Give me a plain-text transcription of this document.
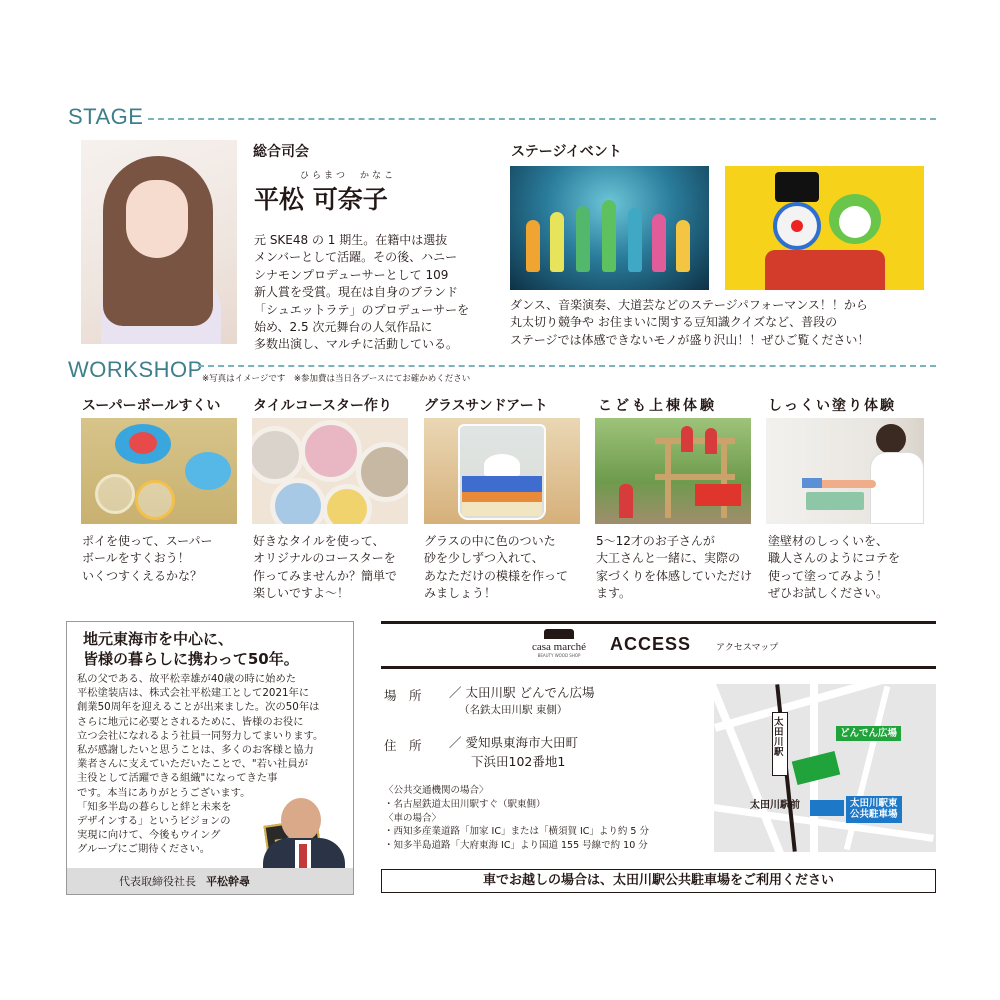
STAGE
総合司会
ひらまつ　かなこ
平松 可奈子
元 SKE48 の 1 期生。在籍中は選抜
メンバーとして活躍。その後、ハニー
シナモンプロデューサーとして 109
新人賞を受賞。現在は自身のブランド
「シュエットラテ」のプロデューサーを
始め、2.5 次元舞台の人気作品に
多数出演し、マルチに活動している。
ステージイベント
ダンス、音楽演奏、大道芸などのステージパフォーマンス！！から
丸太切り競争や お住まいに関する豆知識クイズなど、普段の
ステージでは体感できないモノが盛り沢山！！ぜひご覧ください！
WORKSHOP ※写真はイメージです　※参加費は当日各ブースにてお確かめください
スーパーボールすくい
ポイを使って、スーパー
ボールをすくおう！
いくつすくえるかな？
タイルコースター作り
好きなタイルを使って、
オリジナルのコースターを
作ってみませんか？簡単で
楽しいですよ～！
グラスサンドアート
グラスの中に色のついた
砂を少しずつ入れて、
あなただけの模様を作って
みましょう！
こども上棟体験
5～12才のお子さんが
大工さんと一緒に、実際の
家づくりを体感していただけ
ます。
しっくい塗り体験
塗壁材のしっくいを、
職人さんのようにコテを
使って塗ってみよう！
ぜひお試しください。
地元東海市を中心に、
皆様の暮らしに携わって50年。
私の父である、故平松幸雄が40歳の時に始めた
平松塗装店は、株式会社平松建工として2021年に
創業50周年を迎えることが出来ました。次の50年は
さらに地元に必要とされるために、皆様のお役に
立つ会社になれるよう社員一同努力してまいります。
私が感謝したいと思うことは、多くのお客様と協力
業者さんに支えていただいたことで、"若い社員が
主役として活躍できる組織"になってきた事
です。本当にありがとうございます。
「知多半島の暮らしと絆と未来を
デザインする」というビジョンの
実現に向けて、今後もウイング
グループにご期待ください。
代表取締役社長 平松幹尋
casa marché
BEAUTY WOOD SHOP
ACCESS	アクセスマップ
場　所 ／ 太田川駅 どんでん広場
（名鉄太田川駅 東側）
住　所 ／ 愛知県東海市大田町
下浜田102番地1
〈公共交通機関の場合〉
・名古屋鉄道太田川駅すぐ（駅東側）
〈車の場合〉
・西知多産業道路「加家 IC」または「横須賀 IC」より約 5 分
・知多半島道路「大府東海 IC」より国道 155 号線で約 10 分
太田川駅
どんでん広場
太田川駅東
公共駐車場
太田川駅前
車でお越しの場合は、太田川駅公共駐車場をご利用ください
